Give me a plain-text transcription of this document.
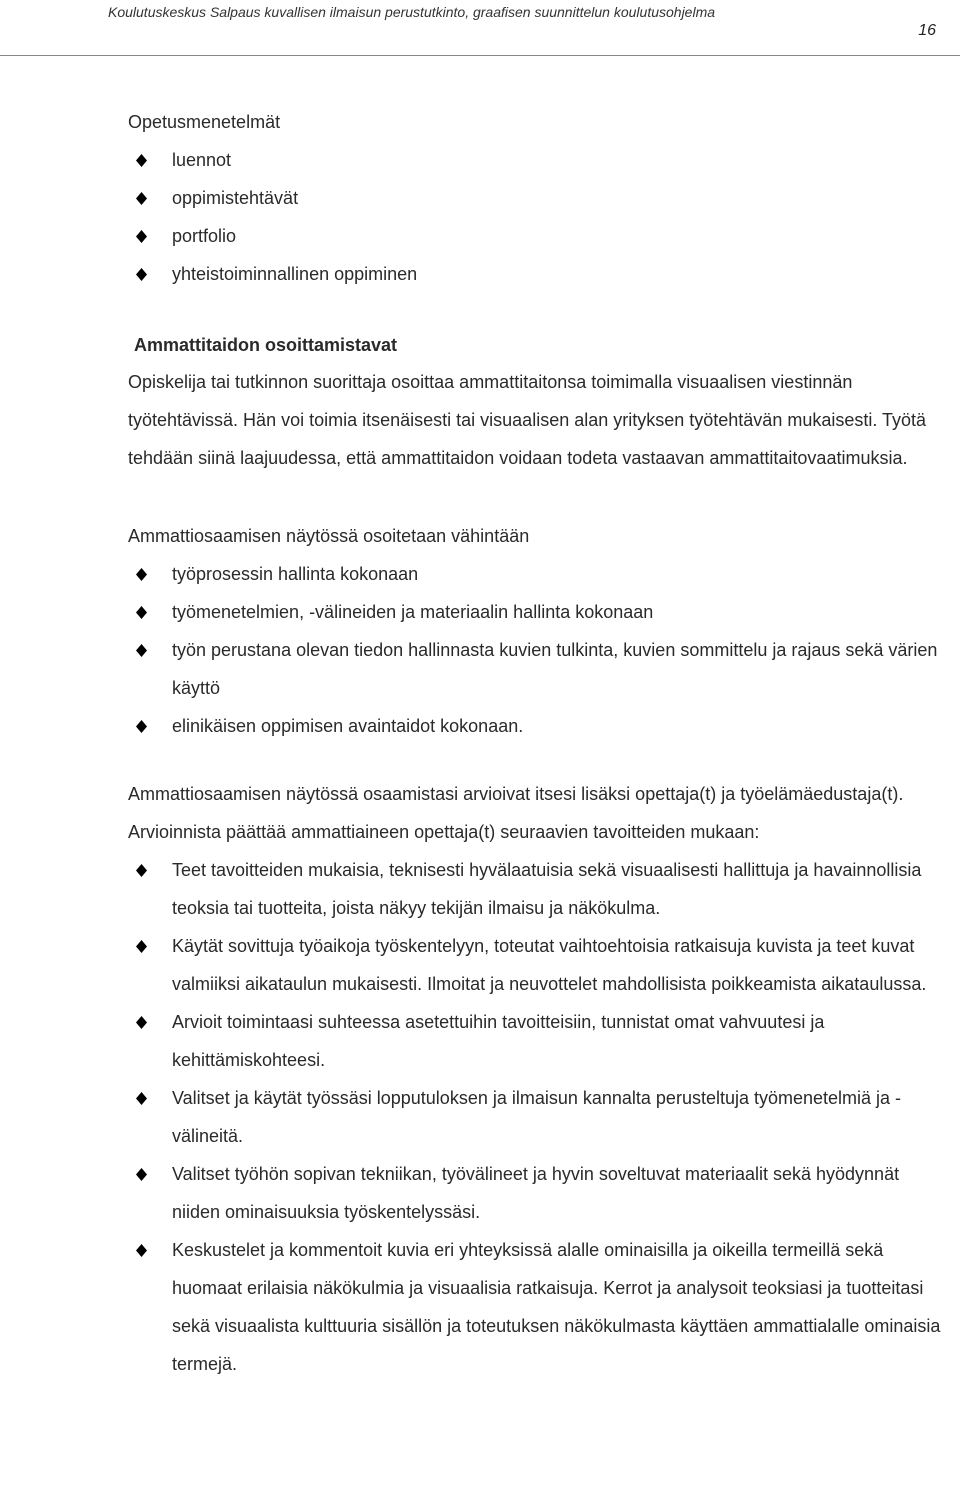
Koulutuskeskus Salpaus kuvallisen ilmaisun perustutkinto, graafisen suunnittelun koulutusohjelma
16

Opetusmenetelmät

luennot
oppimistehtävät
portfolio
yhteistoiminnallinen oppiminen

Ammattitaidon osoittamistavat

Opiskelija tai tutkinnon suorittaja osoittaa ammattitaitonsa toimimalla visuaalisen viestinnän työtehtävissä. Hän voi toimia itsenäisesti tai visuaalisen alan yrityksen työtehtävän mukaisesti. Työtä tehdään siinä laajuudessa, että ammattitaidon voidaan todeta vastaavan ammattitaitovaatimuksia.

Ammattiosaamisen näytössä osoitetaan vähintään

työprosessin hallinta kokonaan
työmenetelmien, -välineiden ja materiaalin hallinta kokonaan
työn perustana olevan tiedon hallinnasta kuvien tulkinta, kuvien sommittelu ja rajaus sekä värien käyttö
elinikäisen oppimisen avaintaidot kokonaan.

Ammattiosaamisen näytössä osaamistasi arvioivat itsesi lisäksi opettaja(t) ja työelämäedustaja(t). Arvioinnista päättää ammattiaineen opettaja(t) seuraavien tavoitteiden mukaan:

Teet tavoitteiden mukaisia, teknisesti hyvälaatuisia sekä visuaalisesti hallittuja ja havainnollisia teoksia tai tuotteita, joista näkyy tekijän ilmaisu ja näkökulma.
Käytät sovittuja työaikoja työskentelyyn, toteutat vaihtoehtoisia ratkaisuja kuvista ja teet kuvat valmiiksi aikataulun mukaisesti. Ilmoitat ja neuvottelet mahdollisista poikkeamista aikataulussa.
Arvioit toimintaasi suhteessa asetettuihin tavoitteisiin, tunnistat omat vahvuutesi ja kehittämiskohteesi.
Valitset ja käytät työssäsi lopputuloksen ja ilmaisun kannalta perusteltuja työmenetelmiä ja -välineitä.
Valitset työhön sopivan tekniikan, työvälineet ja hyvin soveltuvat materiaalit sekä hyödynnät niiden ominaisuuksia työskentelyssäsi.
Keskustelet ja kommentoit kuvia eri yhteyksissä alalle ominaisilla ja oikeilla termeillä sekä huomaat erilaisia näkökulmia ja visuaalisia ratkaisuja. Kerrot ja analysoit teoksiasi ja tuotteitasi sekä visuaalista kulttuuria sisällön ja toteutuksen näkökulmasta käyttäen ammattialalle ominaisia termejä.
